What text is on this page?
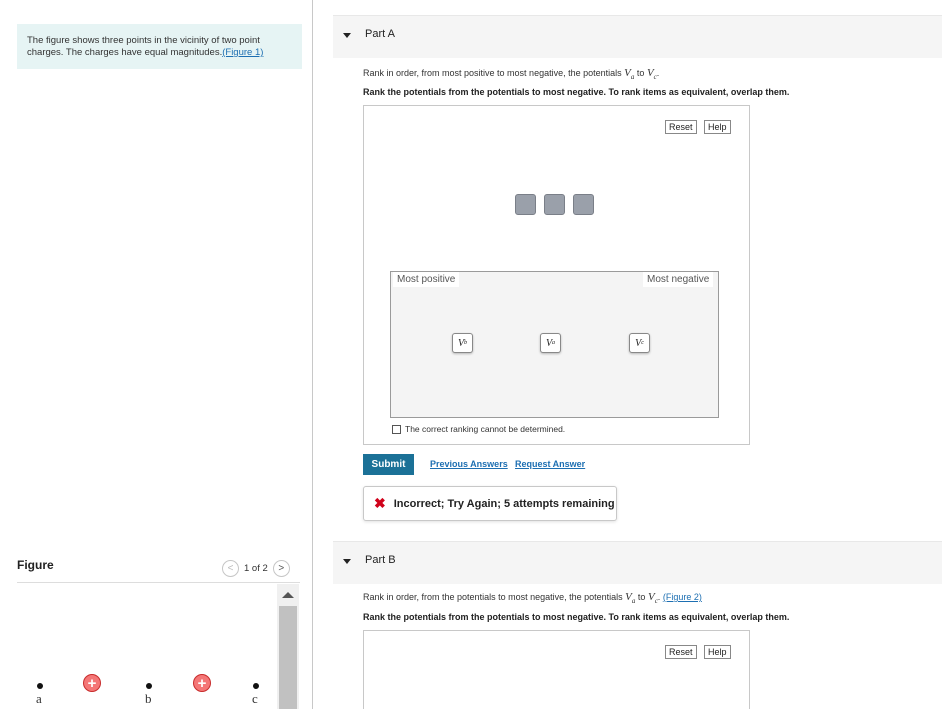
The figure shows three points in the vicinity of two point charges. The charges have equal magnitudes.(Figure 1)
Figure	< 1 of 2 >
a
+
b
+
c
Part A
Rank in order, from most positive to most negative, the potentials $V_a$ to $V_c$.
Rank the potentials from the potentials to most negative. To rank items as equivalent, overlap them.
Reset	Help
Most positive	Most negative
V b	V a	V c
The correct ranking cannot be determined.
Submit	Previous Answers Request Answer
✖ Incorrect; Try Again; 5 attempts remaining
Part B
Rank in order, from the potentials to most negative, the potentials $V_a$ to $V_c$. (Figure 2)
Rank the potentials from the potentials to most negative. To rank items as equivalent, overlap them.
Reset	Help
